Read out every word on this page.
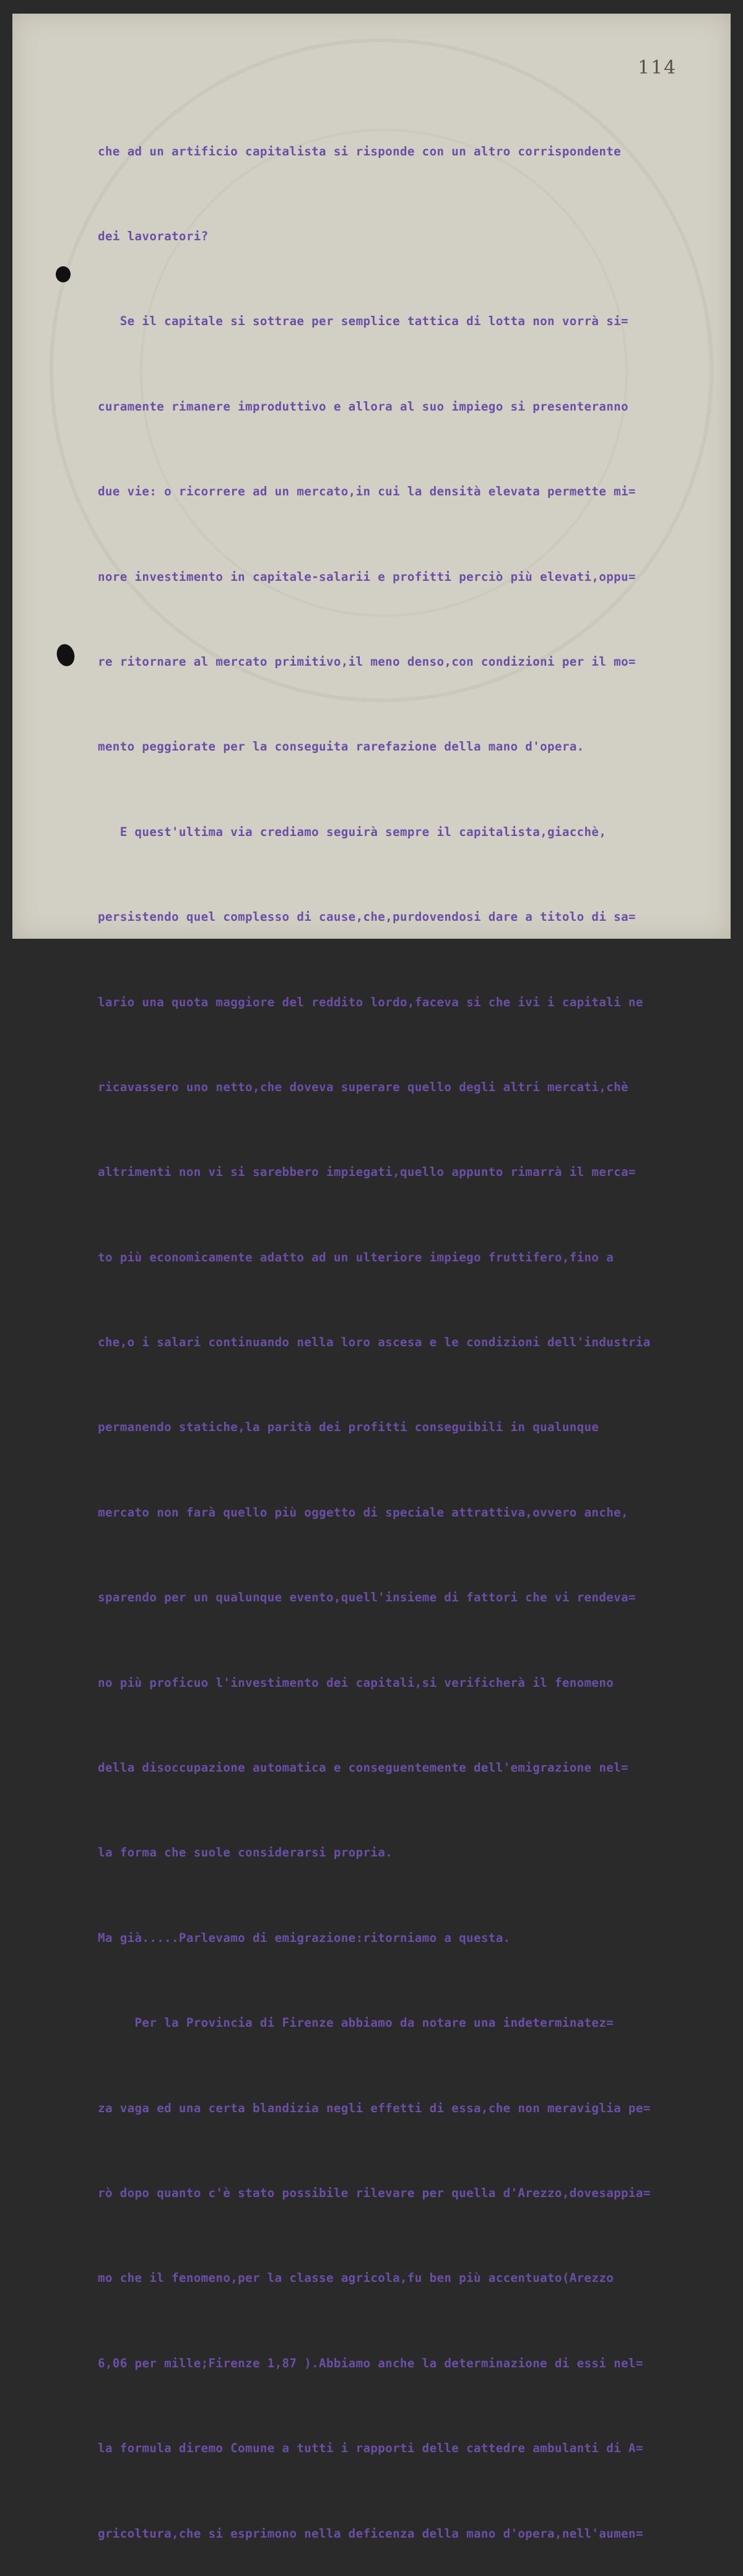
114

che ad un artificio capitalista si risponde con un altro corrispondente

dei lavoratori?

Se il capitale si sottrae per semplice tattica di lotta non vorrà si=

curamente rimanere improduttivo e allora al suo impiego si presenteranno

due vie: o ricorrere ad un mercato,in cui la densità elevata permette mi=

nore investimento in capitale-salarii e profitti perciò più elevati,oppu=

re ritornare al mercato primitivo,il meno denso,con condizioni per il mo=

mento peggiorate per la conseguita rarefazione della mano d'opera.

E quest'ultima via crediamo seguirà sempre il capitalista,giacchè,

persistendo quel complesso di cause,che,purdovendosi dare a titolo di sa=

lario una quota maggiore del reddito lordo,faceva si che ivi i capitali ne

ricavassero uno netto,che doveva superare quello degli altri mercati,chè

altrimenti non vi si sarebbero impiegati,quello appunto rimarrà il merca=

to più economicamente adatto ad un ulteriore impiego fruttifero,fino a

che,o i salari continuando nella loro ascesa e le condizioni dell'industria

permanendo statiche,la parità dei profitti conseguibili in qualunque

mercato non farà quello più oggetto di speciale attrattiva,ovvero anche,

sparendo per un qualunque evento,quell'insieme di fattori che vi rendeva=

no più proficuo l'investimento dei capitali,si verificherà il fenomeno

della disoccupazione automatica e conseguentemente dell'emigrazione nel=

la forma che suole considerarsi propria.

Ma già.....Parlevamo di emigrazione:ritorniamo a questa.

Per la Provincia di Firenze abbiamo da notare una indeterminatez=

za vaga ed una certa blandizia negli effetti di essa,che non meraviglia pe=

rò dopo quanto c'è stato possibile rilevare per quella d'Arezzo,dovesappia=

mo che il fenomeno,per la classe agricola,fu ben più accentuato(Arezzo

6,06 per mille;Firenze 1,87 ).Abbiamo anche la determinazione di essi nel=

la formula diremo Comune a tutti i rapporti delle cattedre ambulanti di A=

gricoltura,che si esprimono nella deficenza della mano d'opera,nell'aumen=
